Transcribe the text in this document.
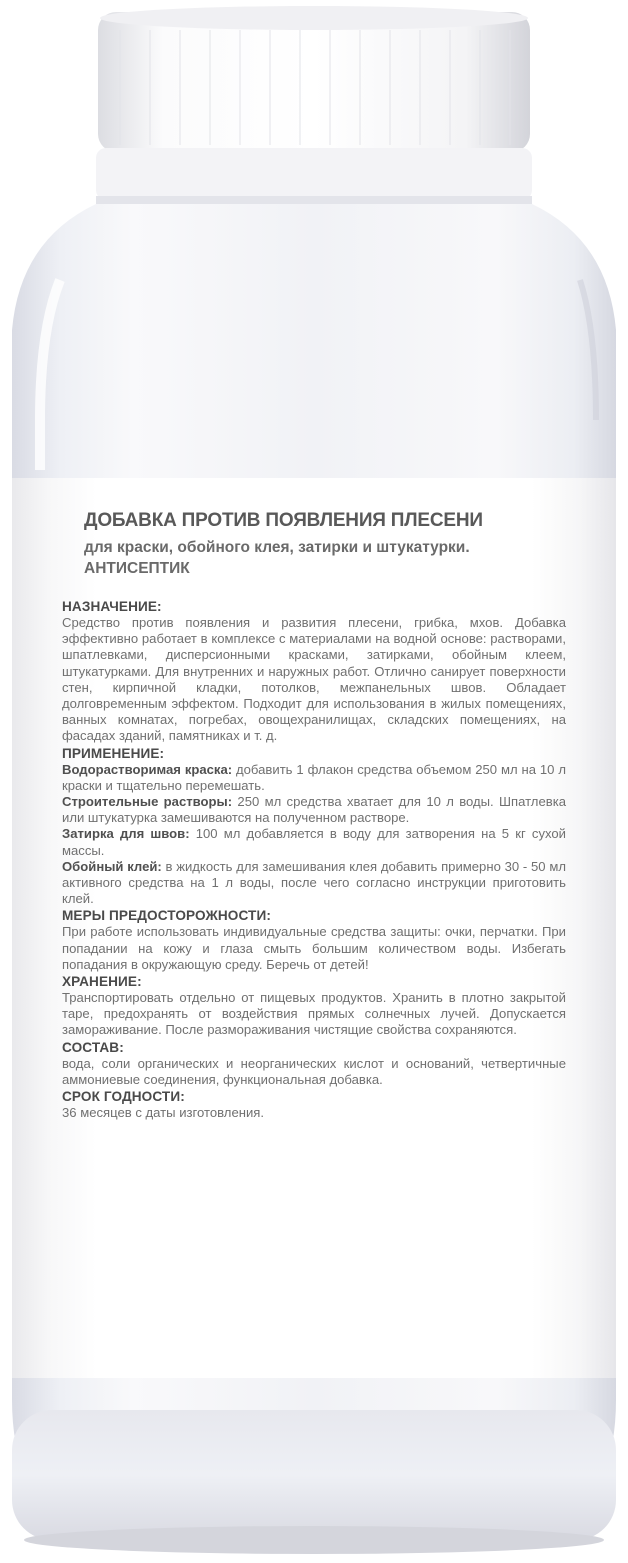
ДОБАВКА ПРОТИВ ПОЯВЛЕНИЯ ПЛЕСЕНИ
для краски, обойного клея, затирки и штукатурки.
АНТИСЕПТИК
НАЗНАЧЕНИЕ:
Средство против появления и развития плесени, грибка, мхов. Добавка эффективно работает в комплексе с материалами на водной основе: растворами, шпатлевками, дисперсионными красками, затирками, обойным клеем, штукатурками. Для внутренних и наружных работ. Отлично санирует поверхности стен, кирпичной кладки, потолков, межпанельных швов. Обладает долговременным эффектом. Подходит для использования в жилых помещениях, ванных комнатах, погребах, овощехранилищах, складских помещениях, на фасадах зданий, памятниках и т. д.
ПРИМЕНЕНИЕ:
Водорастворимая краска: добавить 1 флакон средства объемом 250 мл на 10 л краски и тщательно перемешать.
Строительные растворы: 250 мл средства хватает для 10 л воды. Шпатлевка или штукатурка замешиваются на полученном растворе.
Затирка для швов: 100 мл добавляется в воду для затворения на 5 кг сухой массы.
Обойный клей: в жидкость для замешивания клея добавить примерно 30 - 50 мл активного средства на 1 л воды, после чего согласно инструкции приготовить клей.
МЕРЫ ПРЕДОСТОРОЖНОСТИ:
При работе использовать индивидуальные средства защиты: очки, перчатки. При попадании на кожу и глаза смыть большим количеством воды. Избегать попадания в окружающую среду. Беречь от детей!
ХРАНЕНИЕ:
Транспортировать отдельно от пищевых продуктов. Хранить в плотно закрытой таре, предохранять от воздействия прямых солнечных лучей. Допускается замораживание. После размораживания чистящие свойства сохраняются.
СОСТАВ:
вода, соли органических и неорганических кислот и оснований, четвертичные аммониевые соединения, функциональная добавка.
СРОК ГОДНОСТИ:
36 месяцев с даты изготовления.
